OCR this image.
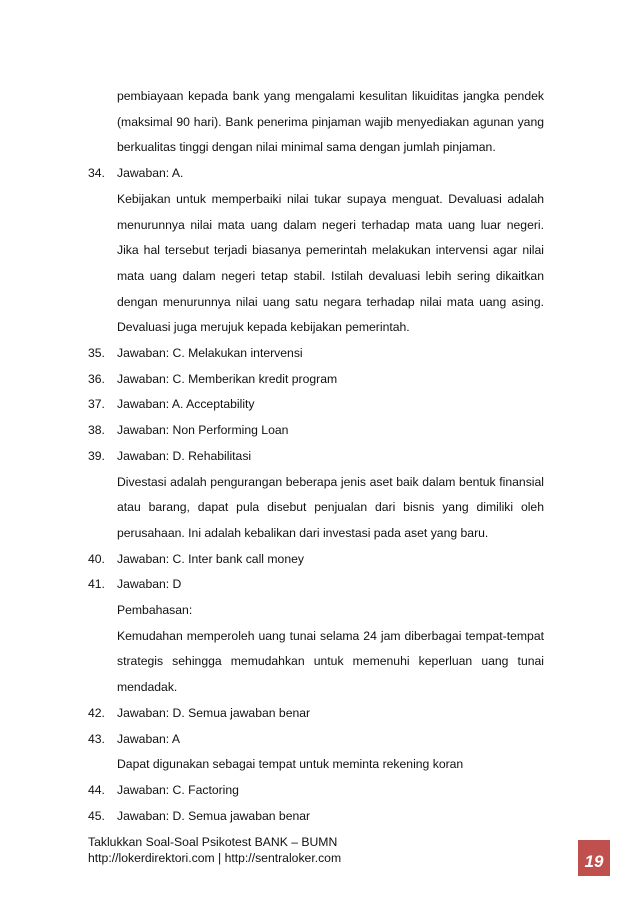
pembiayaan kepada bank yang mengalami kesulitan likuiditas jangka pendek (maksimal 90 hari). Bank penerima pinjaman wajib menyediakan agunan yang berkualitas tinggi dengan nilai minimal sama dengan jumlah pinjaman.

34. Jawaban: A.

Kebijakan untuk memperbaiki nilai tukar supaya menguat. Devaluasi adalah menurunnya nilai mata uang dalam negeri terhadap mata uang luar negeri. Jika hal tersebut terjadi biasanya pemerintah melakukan intervensi agar nilai mata uang dalam negeri tetap stabil. Istilah devaluasi lebih sering dikaitkan dengan menurunnya nilai uang satu negara terhadap nilai mata uang asing. Devaluasi juga merujuk kepada kebijakan pemerintah.

35. Jawaban: C. Melakukan intervensi
36. Jawaban: C. Memberikan kredit program
37. Jawaban: A. Acceptability
38. Jawaban: Non Performing Loan
39. Jawaban: D. Rehabilitasi

Divestasi adalah pengurangan beberapa jenis aset baik dalam bentuk finansial atau barang, dapat pula disebut penjualan dari bisnis yang dimiliki oleh perusahaan. Ini adalah kebalikan dari investasi pada aset yang baru.

40. Jawaban: C. Inter bank call money
41. Jawaban: D

Pembahasan:

Kemudahan memperoleh uang tunai selama 24 jam diberbagai tempat-tempat strategis sehingga memudahkan untuk memenuhi keperluan uang tunai mendadak.

42. Jawaban: D. Semua jawaban benar
43. Jawaban: A

Dapat digunakan sebagai tempat untuk meminta rekening koran

44. Jawaban: C. Factoring
45. Jawaban: D. Semua jawaban benar
Taklukkan Soal-Soal Psikotest BANK – BUMN
http://lokerdirektori.com | http://sentraloker.com	19
